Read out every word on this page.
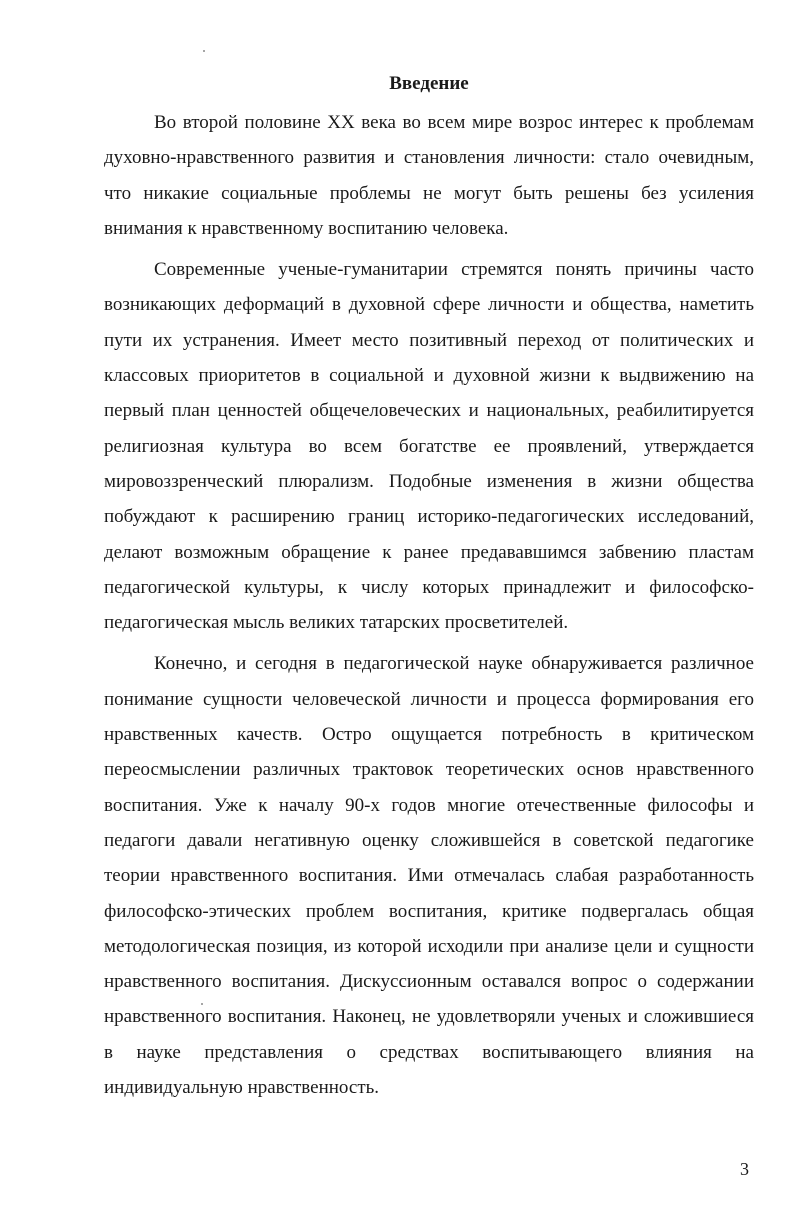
Введение

Во второй половине XX века во всем мире возрос интерес к проблемам духовно-нравственного развития и становления личности: стало очевидным, что никакие социальные проблемы не могут быть решены без усиления внимания к нравственному воспитанию человека.

Современные ученые-гуманитарии стремятся понять причины часто возникающих деформаций в духовной сфере личности и общества, наметить пути их устранения. Имеет место позитивный переход от политических и классовых приоритетов в социальной и духовной жизни к выдвижению на первый план ценностей общечеловеческих и национальных, реабилитируется религиозная культура во всем богатстве ее проявлений, утверждается мировоззренческий плюрализм. Подобные изменения в жизни общества побуждают к расширению границ историко-педагогических исследований, делают возможным обращение к ранее предававшимся забвению пластам педагогической культуры, к числу которых принадлежит и философско-педагогическая мысль великих татарских просветителей.

Конечно, и сегодня в педагогической науке обнаруживается различное понимание сущности человеческой личности и процесса формирования его нравственных качеств. Остро ощущается потребность в критическом переосмыслении различных трактовок теоретических основ нравственного воспитания. Уже к началу 90-х годов многие отечественные философы и педагоги давали негативную оценку сложившейся в советской педагогике теории нравственного воспитания. Ими отмечалась слабая разработанность философско-этических проблем воспитания, критике подвергалась общая методологическая позиция, из которой исходили при анализе цели и сущности нравственного воспитания. Дискуссионным оставался вопрос о содержании нравственного воспитания. Наконец, не удовлетворяли ученых и сложившиеся в науке представления о средствах воспитывающего влияния на индивидуальную нравственность.

3
